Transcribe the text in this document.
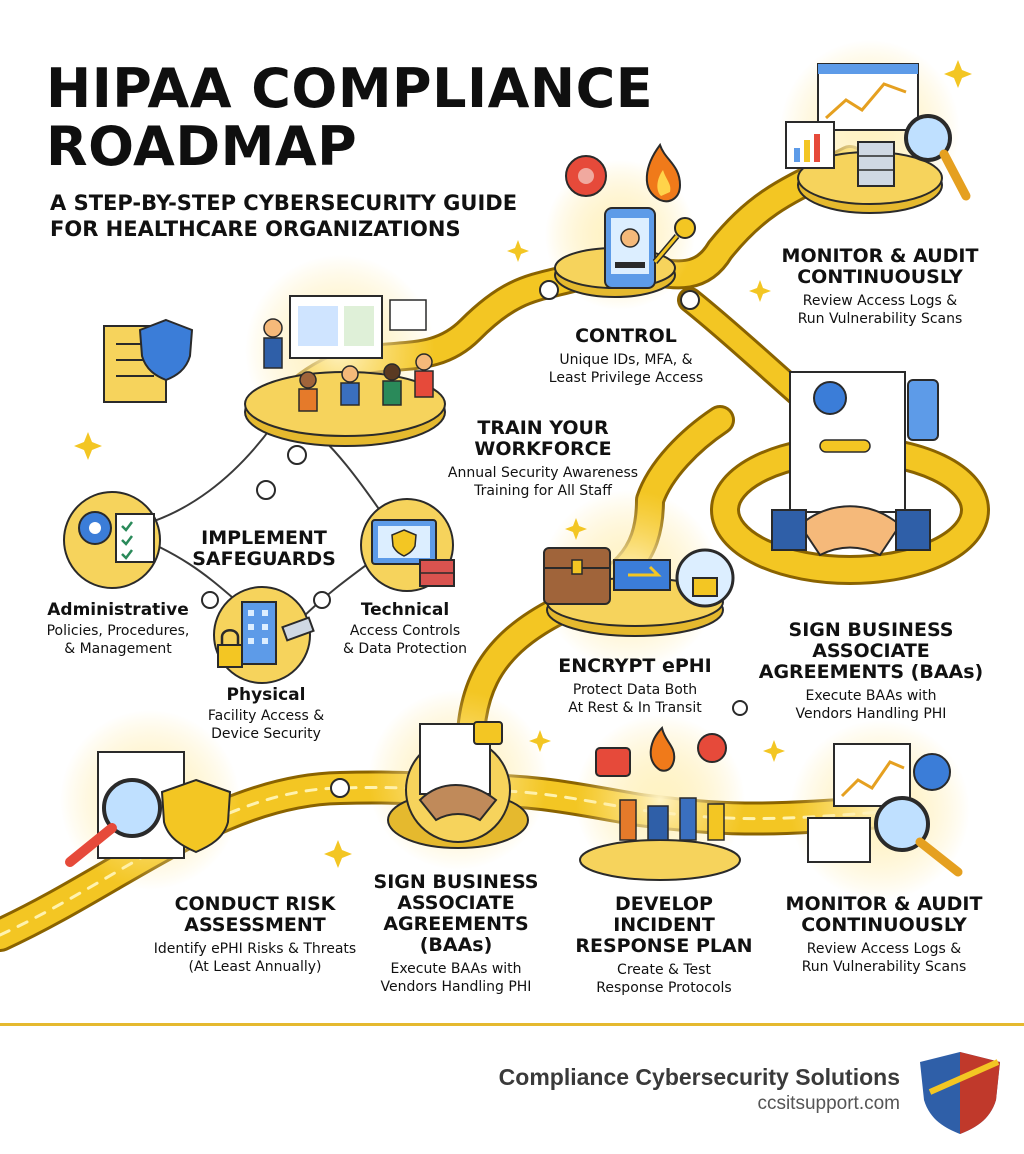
HIPAA COMPLIANCE
ROADMAP
A STEP-BY-STEP CYBERSECURITY GUIDE
FOR HEALTHCARE ORGANIZATIONS
MONITOR & AUDIT
CONTINUOUSLY
Review Access Logs &
Run Vulnerability Scans
CONTROL
Unique IDs, MFA, &
Least Privilege Access
TRAIN YOUR
WORKFORCE
Annual Security Awareness
Training for All Staff
IMPLEMENT
SAFEGUARDS
Administrative
Policies, Procedures,
& Management
Technical
Access Controls
& Data Protection
Physical
Facility Access &
Device Security
ENCRYPT ePHI
Protect Data Both
At Rest & In Transit
SIGN BUSINESS
ASSOCIATE
AGREEMENTS (BAAs)
Execute BAAs with
Vendors Handling PHI
CONDUCT RISK
ASSESSMENT
Identify ePHI Risks & Threats
(At Least Annually)
SIGN BUSINESS
ASSOCIATE
AGREEMENTS (BAAs)
Execute BAAs with
Vendors Handling PHI
DEVELOP INCIDENT
RESPONSE PLAN
Create & Test
Response Protocols
MONITOR & AUDIT
CONTINUOUSLY
Review Access Logs &
Run Vulnerability Scans
Compliance Cybersecurity Solutions
ccsitsupport.com
